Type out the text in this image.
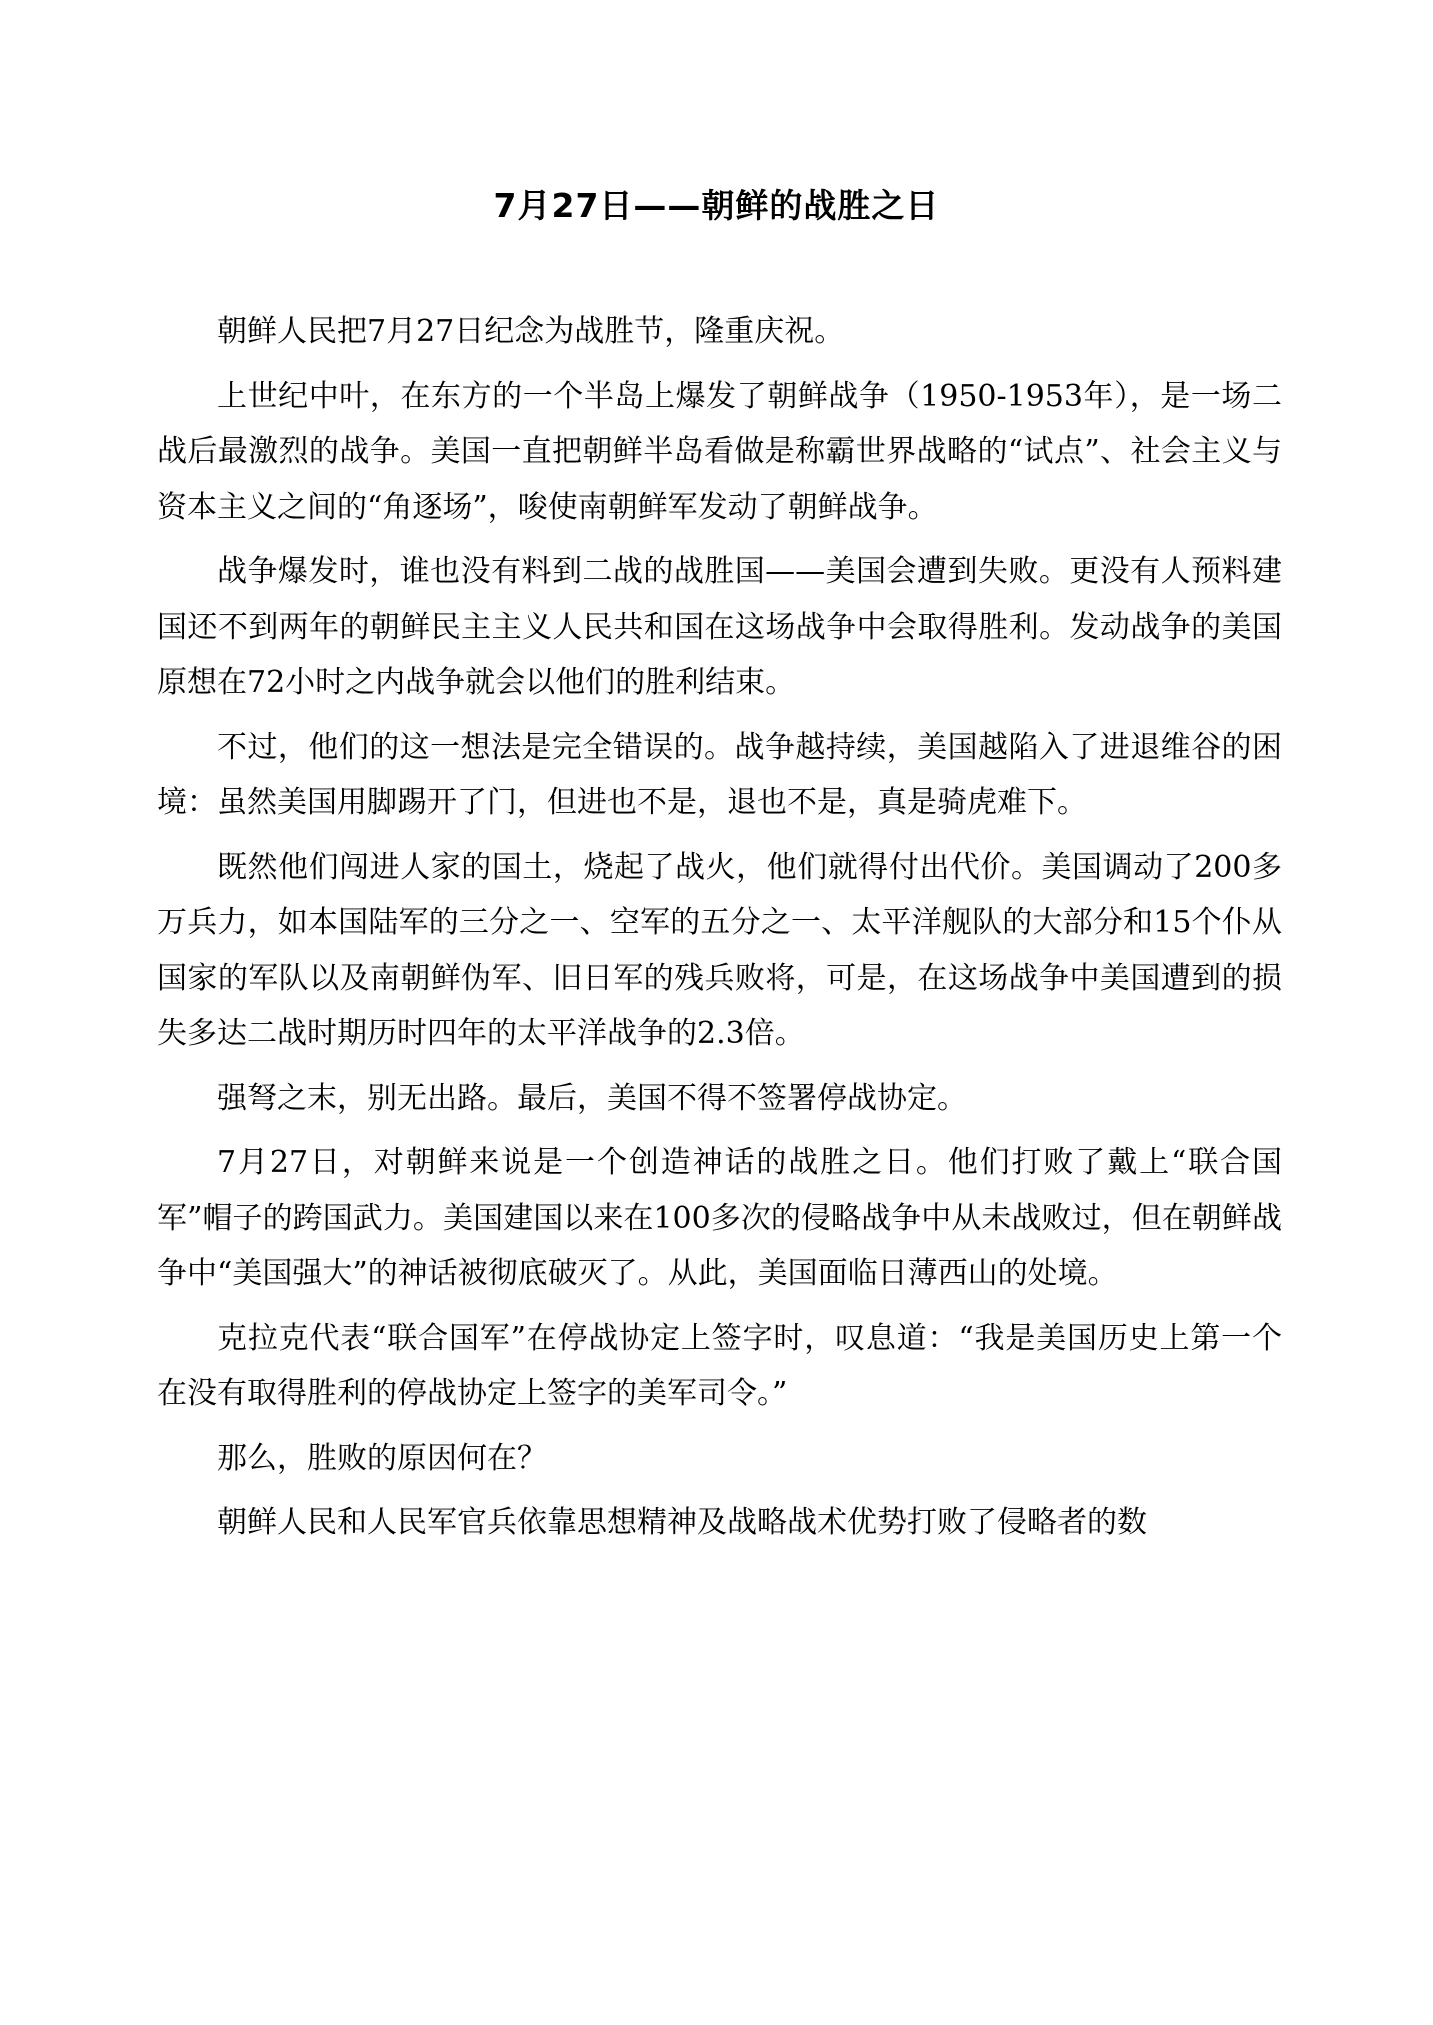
7月27日——朝鲜的战胜之日

朝鲜人民把7月27日纪念为战胜节，隆重庆祝。

上世纪中叶，在东方的一个半岛上爆发了朝鲜战争（1950-1953年），是一场二战后最激烈的战争。美国一直把朝鲜半岛看做是称霸世界战略的“试点”、社会主义与资本主义之间的“角逐场”，唆使南朝鲜军发动了朝鲜战争。

战争爆发时，谁也没有料到二战的战胜国——美国会遭到失败。更没有人预料建国还不到两年的朝鲜民主主义人民共和国在这场战争中会取得胜利。发动战争的美国原想在72小时之内战争就会以他们的胜利结束。

不过，他们的这一想法是完全错误的。战争越持续，美国越陷入了进退维谷的困境：虽然美国用脚踢开了门，但进也不是，退也不是，真是骑虎难下。

既然他们闯进人家的国土，烧起了战火，他们就得付出代价。美国调动了200多万兵力，如本国陆军的三分之一、空军的五分之一、太平洋舰队的大部分和15个仆从国家的军队以及南朝鲜伪军、旧日军的残兵败将，可是，在这场战争中美国遭到的损失多达二战时期历时四年的太平洋战争的2.3倍。

强弩之末，别无出路。最后，美国不得不签署停战协定。

7月27日，对朝鲜来说是一个创造神话的战胜之日。他们打败了戴上“联合国军”帽子的跨国武力。美国建国以来在100多次的侵略战争中从未战败过，但在朝鲜战争中“美国强大”的神话被彻底破灭了。从此，美国面临日薄西山的处境。

克拉克代表“联合国军”在停战协定上签字时，叹息道：“我是美国历史上第一个在没有取得胜利的停战协定上签字的美军司令。”

那么，胜败的原因何在？

朝鲜人民和人民军官兵依靠思想精神及战略战术优势打败了侵略者的数
